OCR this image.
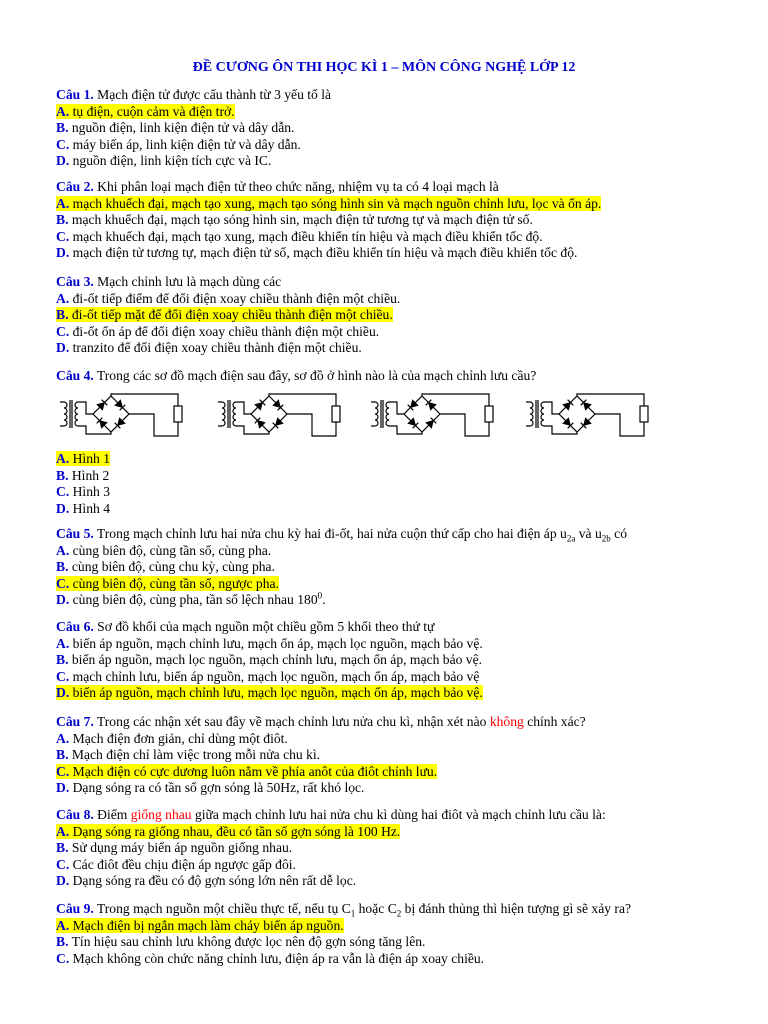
ĐỀ CƯƠNG ÔN THI HỌC KÌ 1 – MÔN CÔNG NGHỆ LỚP 12
Câu 1. Mạch điện tử được cấu thành từ 3 yếu tố là
A. tụ điện, cuộn cảm và điện trở.
B. nguồn điện, linh kiện điện tử và dây dẫn.
C. máy biến áp, linh kiện điện tử và dây dẫn.
D. nguồn điện, linh kiện tích cực và IC.
Câu 2. Khi phân loại mạch điện tử theo chức năng, nhiệm vụ ta có 4 loại mạch là
A. mạch khuếch đại, mạch tạo xung, mạch tạo sóng hình sin và mạch nguồn chỉnh lưu, lọc và ổn áp.
B. mạch khuếch đại, mạch tạo sóng hình sin, mạch điện tử tương tự và mạch điện tử số.
C. mạch khuếch đại, mạch tạo xung, mạch điều khiển tín hiệu và mạch điều khiển tốc độ.
D. mạch điện tử tương tự, mạch điện tử số, mạch điều khiển tín hiệu và mạch điều khiển tốc độ.
Câu 3. Mạch chỉnh lưu là mạch dùng các
A. đi-ốt tiếp điểm để đổi điện xoay chiều thành điện một chiều.
B. đi-ốt tiếp mặt để đổi điện xoay chiều thành điện một chiều.
C. đi-ốt ổn áp để đổi điện xoay chiều thành điện một chiều.
D. tranzito để đổi điện xoay chiều thành điện một chiều.
Câu 4. Trong các sơ đồ mạch điện sau đây, sơ đồ ở hình nào là của mạch chỉnh lưu cầu?
A. Hình 1
B. Hình 2
C. Hình 3
D. Hình 4
Câu 5. Trong mạch chỉnh lưu hai nửa chu kỳ hai đi-ốt, hai nửa cuộn thứ cấp cho hai điện áp $u_{2a}$ và $u_{2b}$ có
A. cùng biên độ, cùng tần số, cùng pha.
B. cùng biên độ, cùng chu kỳ, cùng pha.
C. cùng biên độ, cùng tần số, ngược pha.
D. cùng biên độ, cùng pha, tần số lệch nhau $180^0$.
Câu 6. Sơ đồ khối của mạch nguồn một chiều gồm 5 khối theo thứ tự
A. biến áp nguồn, mạch chỉnh lưu, mạch ổn áp, mạch lọc nguồn, mạch bảo vệ.
B. biến áp nguồn, mạch lọc nguồn, mạch chỉnh lưu, mạch ổn áp, mạch bảo vệ.
C. mạch chỉnh lưu, biến áp nguồn, mạch lọc nguồn, mạch ổn áp, mạch bảo vệ
D. biến áp nguồn, mạch chỉnh lưu, mạch lọc nguồn, mạch ổn áp, mạch bảo vệ.
Câu 7. Trong các nhận xét sau đây về mạch chỉnh lưu nửa chu kì, nhận xét nào không chính xác?
A. Mạch điện đơn giản, chỉ dùng một điôt.
B. Mạch điện chỉ làm việc trong mỗi nửa chu kì.
C. Mạch điện có cực dương luôn nằm về phía anôt của điôt chỉnh lưu.
D. Dạng sóng ra có tần số gợn sóng là 50Hz, rất khó lọc.
Câu 8. Điểm giống nhau giữa mạch chỉnh lưu hai nửa chu kì dùng hai điôt và mạch chỉnh lưu cầu là:
A. Dạng sóng ra giống nhau, đều có tần số gợn sóng là 100 Hz.
B. Sử dụng máy biến áp nguồn giống nhau.
C. Các điôt đều chịu điện áp ngược gấp đôi.
D. Dạng sóng ra đều có độ gợn sóng lớn nên rất dễ lọc.
Câu 9. Trong mạch nguồn một chiều thực tế, nếu tụ $C_1$ hoặc $C_2$ bị đánh thủng thì hiện tượng gì sẽ xảy ra?
A. Mạch điện bị ngắn mạch làm cháy biến áp nguồn.
B. Tín hiệu sau chỉnh lưu không được lọc nên độ gợn sóng tăng lên.
C. Mạch không còn chức năng chỉnh lưu, điện áp ra vẫn là điện áp xoay chiều.
